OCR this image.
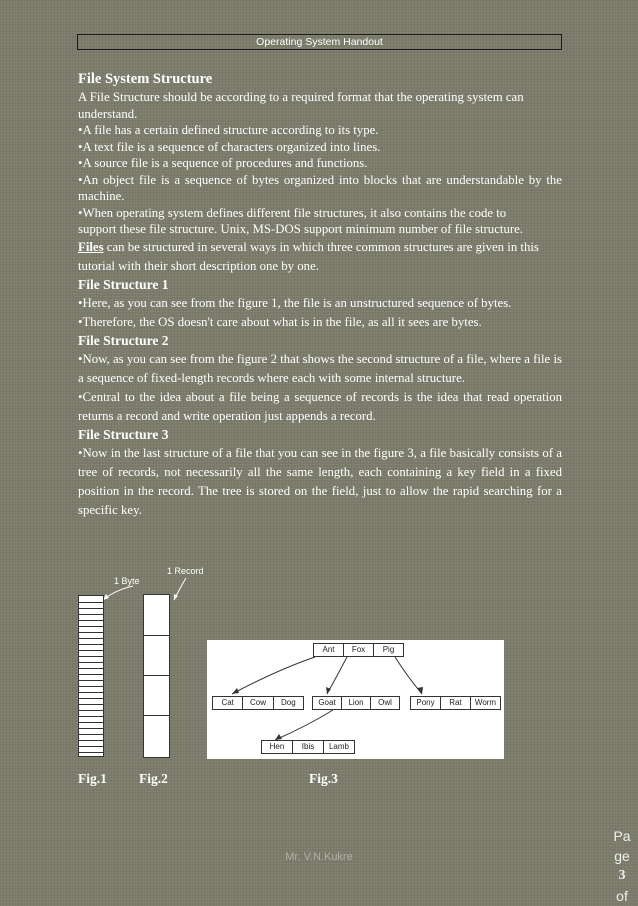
Operating System Handout

File System Structure

A File Structure should be according to a required format that the operating system can understand.

• A file has a certain defined structure according to its type.

• A text file is a sequence of characters organized into lines.

• A source file is a sequence of procedures and functions.

• An object file is a sequence of bytes organized into blocks that are understandable by the machine.

• When operating system defines different file structures, it also contains the code to support these file structure. Unix, MS-DOS support minimum number of file structure.

Files can be structured in several ways in which three common structures are given in this tutorial with their short description one by one.

File Structure 1

• Here, as you can see from the figure 1, the file is an unstructured sequence of bytes.

• Therefore, the OS doesn't care about what is in the file, as all it sees are bytes.

File Structure 2

• Now, as you can see from the figure 2 that shows the second structure of a file, where a file is a sequence of fixed-length records where each with some internal structure.

• Central to the idea about a file being a sequence of records is the idea that read operation returns a record and write operation just appends a record.

File Structure 3

• Now in the last structure of a file that you can see in the figure 3, a file basically consists of a tree of records, not necessarily all the same length, each containing a key field in a fixed position in the record. The tree is stored on the field, just to allow the rapid searching for a specific key.

1 Byte
1 Record
Ant	Fox	Pig
Cat	Cow	Dog	Goat	Lion	Owl	Pony	Rat	Worm
Hen	Ibis	Lamb
Fig.1 Fig.2	Fig.3
Mr. V.N.Kukre
Pa
ge
3
of
